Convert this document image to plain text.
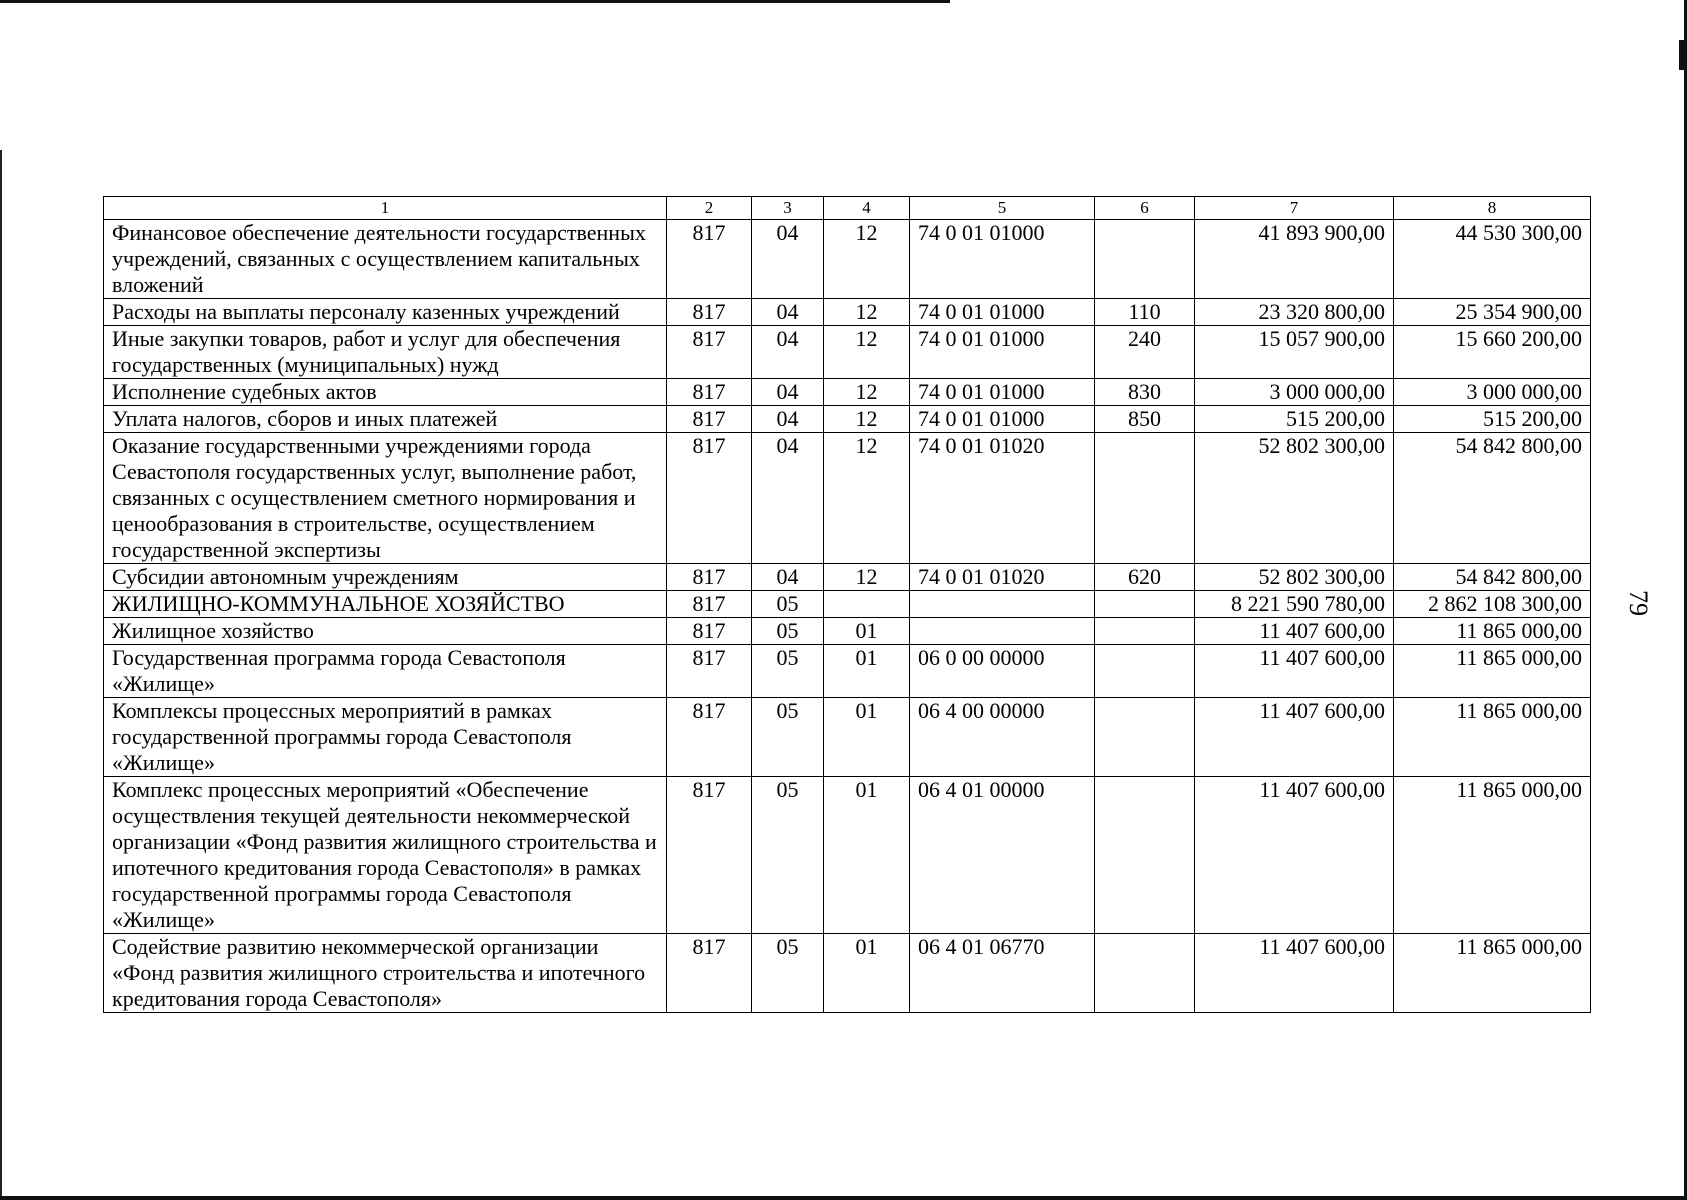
79
1	2	3	4	5	6	7	8
Финансовое обеспечение деятельности государственных учреждений, связанных с осуществлением капитальных вложений	817	04	12	74 0 01 01000		41 893 900,00	44 530 300,00
Расходы на выплаты персоналу казенных учреждений	817	04	12	74 0 01 01000	110	23 320 800,00	25 354 900,00
Иные закупки товаров, работ и услуг для обеспечения государственных (муниципальных) нужд	817	04	12	74 0 01 01000	240	15 057 900,00	15 660 200,00
Исполнение судебных актов	817	04	12	74 0 01 01000	830	3 000 000,00	3 000 000,00
Уплата налогов, сборов и иных платежей	817	04	12	74 0 01 01000	850	515 200,00	515 200,00
Оказание государственными учреждениями города Севастополя государственных услуг, выполнение работ, связанных с осуществлением сметного нормирования и ценообразования в строительстве, осуществлением государственной экспертизы	817	04	12	74 0 01 01020		52 802 300,00	54 842 800,00
Субсидии автономным учреждениям	817	04	12	74 0 01 01020	620	52 802 300,00	54 842 800,00
ЖИЛИЩНО-КОММУНАЛЬНОЕ ХОЗЯЙСТВО	817	05				8 221 590 780,00	2 862 108 300,00
Жилищное хозяйство	817	05	01			11 407 600,00	11 865 000,00
Государственная программа города Севастополя «Жилище»	817	05	01	06 0 00 00000		11 407 600,00	11 865 000,00
Комплексы процессных мероприятий в рамках государственной программы города Севастополя «Жилище»	817	05	01	06 4 00 00000		11 407 600,00	11 865 000,00
Комплекс процессных мероприятий «Обеспечение осуществления текущей деятельности некоммерческой организации «Фонд развития жилищного строительства и ипотечного кредитования города Севастополя» в рамках государственной программы города Севастополя «Жилище»	817	05	01	06 4 01 00000		11 407 600,00	11 865 000,00
Содействие развитию некоммерческой организации «Фонд развития жилищного строительства и ипотечного кредитования города Севастополя»	817	05	01	06 4 01 06770		11 407 600,00	11 865 000,00
